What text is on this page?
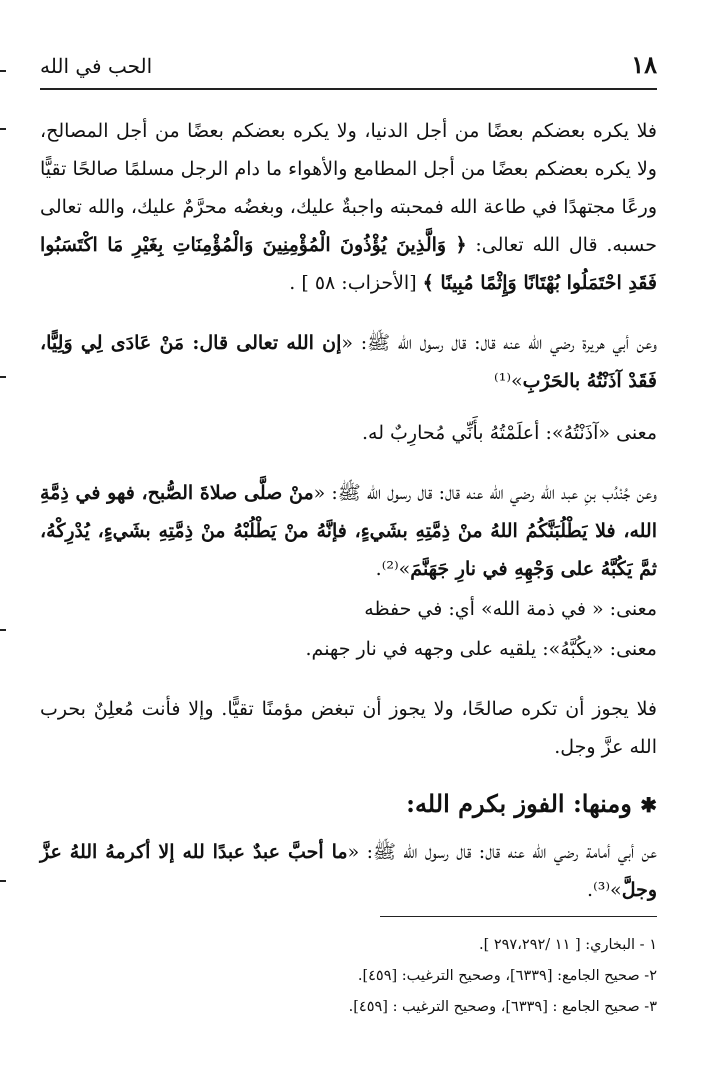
١٨
الحب في الله

فلا يكره بعضكم بعضًا من أجل الدنيا، ولا يكره بعضكم بعضًا من أجل المصالح، ولا يكره بعضكم بعضًا من أجل المطامع والأهواء ما دام الرجل مسلمًا صالحًا تقيًّا ورعًا مجتهدًا في طاعة الله فمحبته واجبةٌ عليك، وبغضُه محرَّمٌ عليك، والله تعالى حسبه. قال الله تعالى: ﴿ وَالَّذِينَ يُؤْذُونَ الْمُؤْمِنِينَ وَالْمُؤْمِنَاتِ بِغَيْرِ مَا اكْتَسَبُوا فَقَدِ احْتَمَلُوا بُهْتَانًا وَإِثْمًا مُبِينًا ﴾ [الأحزاب: ٥٨ ] .

وعن أبي هريرة رضي الله عنه قال: قال رسول الله ﷺ: «إن الله تعالى قال: مَنْ عَادَى لِي وَلِيًّا، فَقَدْ آذَنْتُهُ بالحَرْبِ»⁽¹⁾

معنى «آذَنْتُهُ»: أعلَمْتُهُ بأَنِّي مُحارِبٌ له.

وعن جُنْدُب بنِ عبد الله رضي الله عنه قال: قال رسول الله ﷺ: «منْ صلَّى صلاةَ الصُّبح، فهو في ذِمَّةِ الله، فلا يَطْلُبَنَّكُمُ اللهُ منْ ذِمَّتِهِ بشَيءٍ، فإنَّهُ منْ يَطْلُبْهُ منْ ذِمَّتِهِ بشَيءٍ، يُدْرِكْهُ، ثمَّ يَكُبَّهُ على وَجْهِهِ في نارِ جَهَنَّمَ»⁽²⁾.

معنى: « في ذمة الله» أي: في حفظه

معنى: «يكُبَّهُ»: يلقيه على وجهه في نار جهنم.

فلا يجوز أن تكره صالحًا، ولا يجوز أن تبغض مؤمنًا تقيًّا. وإلا فأنت مُعلِنٌ بحرب الله عزَّ وجل.

✱ ومنها: الفوز بكرم الله:

عن أبي أمامة رضي الله عنه قال: قال رسول الله ﷺ: «ما أحبَّ عبدٌ عبدًا لله إلا أكرمهُ اللهُ عزَّ وجلَّ»⁽³⁾.

١ - البخاري: [ ١١ /٢٩٧،٢٩٢ ].

٢- صحيح الجامع: [٦٣٣٩]، وصحيح الترغيب: [٤٥٩].

٣- صحيح الجامع : [٦٣٣٩]، وصحيح الترغيب : [٤٥٩].
